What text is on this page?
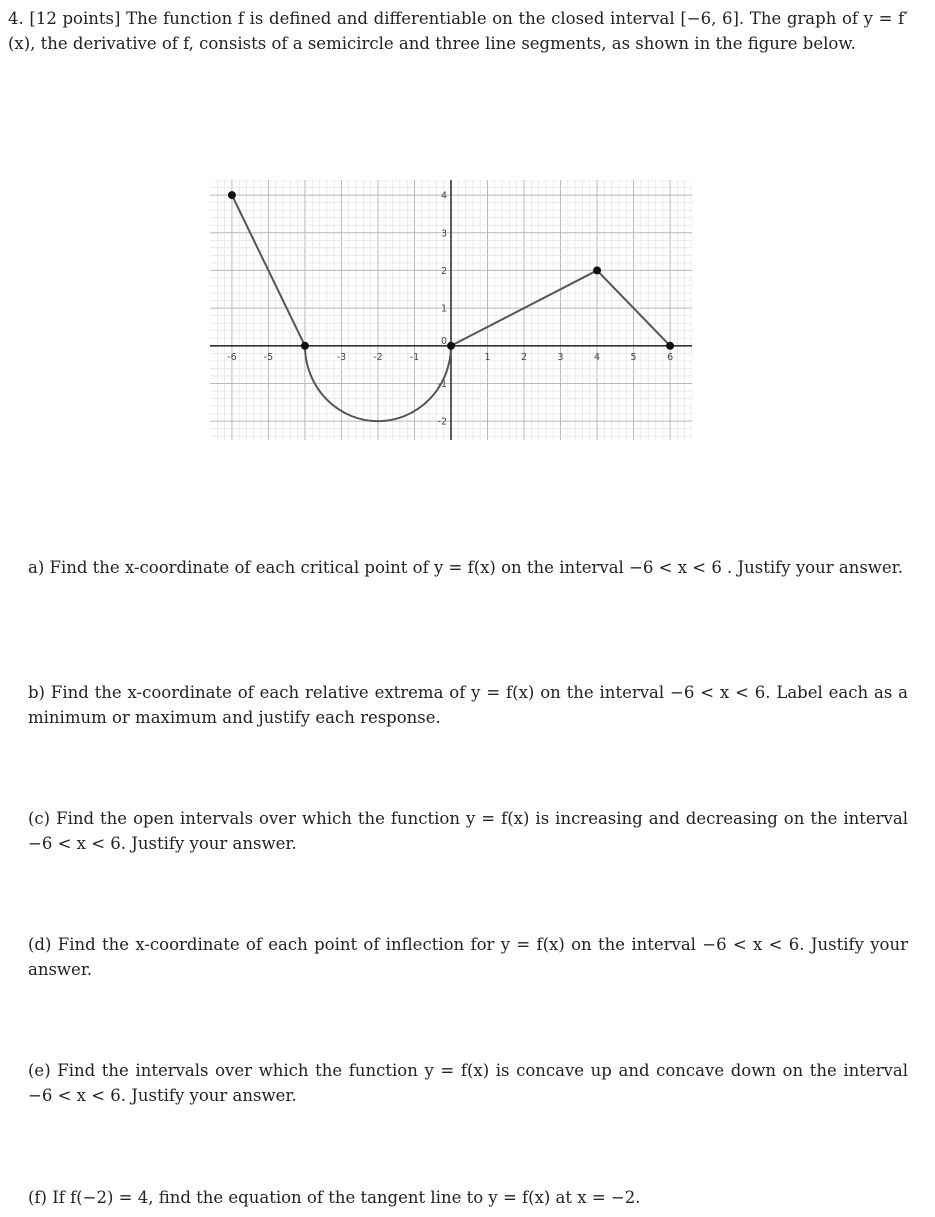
4. [12 points] The function f is defined and differentiable on the closed interval [−6, 6]. The graph of y = f′(x), the derivative of f, consists of a semicircle and three line segments, as shown in the figure below.
-6	-5	-3	-2	-1	1	2	3	4	5	6
-2
-1
1
2
3
4
0
a) Find the x-coordinate of each critical point of y = f(x) on the interval −6 < x < 6 . Justify your answer.
b) Find the x-coordinate of each relative extrema of y = f(x) on the interval −6 < x < 6. Label each as a minimum or maximum and justify each response.
(c) Find the open intervals over which the function y = f(x) is increasing and decreasing on the interval −6 < x < 6. Justify your answer.
(d) Find the x-coordinate of each point of inflection for y = f(x) on the interval −6 < x < 6. Justify your answer.
(e) Find the intervals over which the function y = f(x) is concave up and concave down on the interval −6 < x < 6. Justify your answer.
(f) If f(−2) = 4, find the equation of the tangent line to y = f(x) at x = −2.
